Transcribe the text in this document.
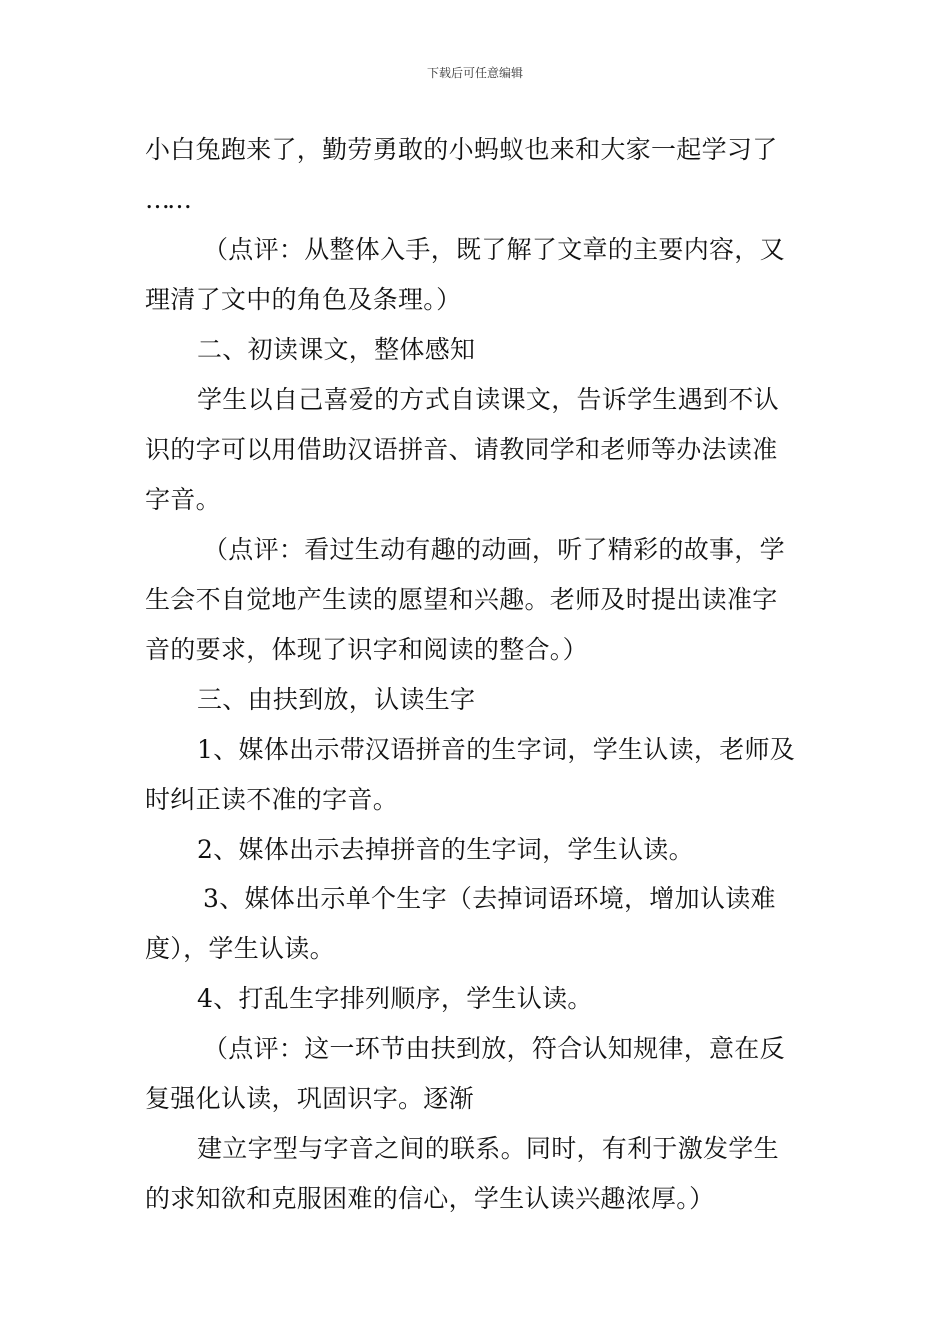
下载后可任意编辑
小白兔跑来了，勤劳勇敢的小蚂蚁也来和大家一起学习了
……
（点评：从整体入手，既了解了文章的主要内容，又
理清了文中的角色及条理。）
二、初读课文，整体感知
学生以自己喜爱的方式自读课文，告诉学生遇到不认
识的字可以用借助汉语拼音、请教同学和老师等办法读准
字音。
（点评：看过生动有趣的动画，听了精彩的故事，学
生会不自觉地产生读的愿望和兴趣。老师及时提出读准字
音的要求，体现了识字和阅读的整合。）
三、由扶到放，认读生字
1、媒体出示带汉语拼音的生字词，学生认读，老师及
时纠正读不准的字音。
2、媒体出示去掉拼音的生字词，学生认读。
3、媒体出示单个生字（去掉词语环境，增加认读难
度），学生认读。
4、打乱生字排列顺序，学生认读。
（点评：这一环节由扶到放，符合认知规律，意在反
复强化认读，巩固识字。逐渐
建立字型与字音之间的联系。同时，有利于激发学生
的求知欲和克服困难的信心，学生认读兴趣浓厚。）
